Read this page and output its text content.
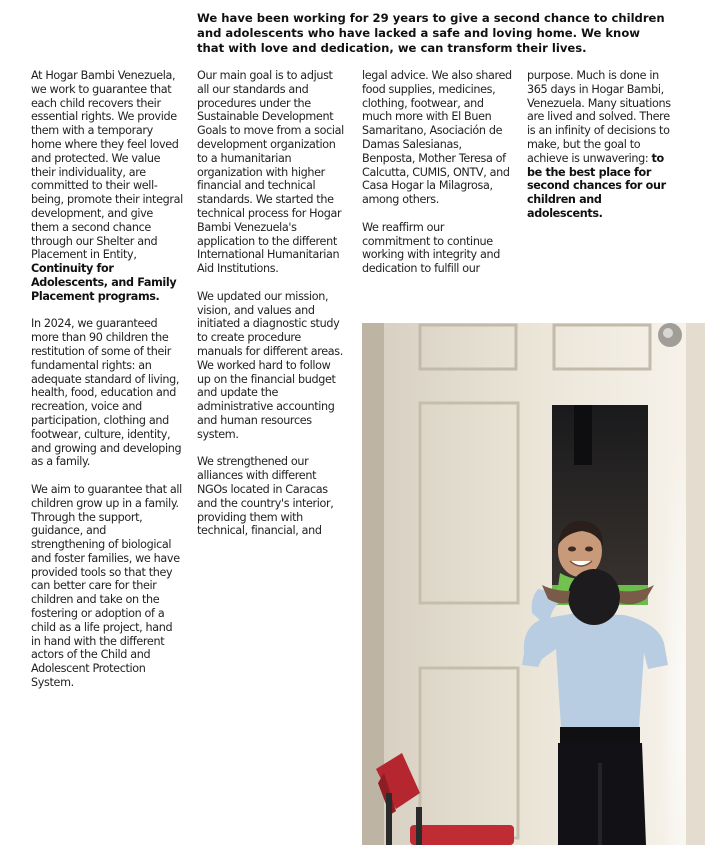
We have been working for 29 years to give a second chance to children and adolescents who have lacked a safe and loving home. We know that with love and dedication, we can transform their lives.

At Hogar Bambi Venezuela, we work to guarantee that each child recovers their essential rights. We provide them with a temporary home where they feel loved and protected. We value their individuality, are committed to their well-being, promote their integral development, and give them a second chance through our Shelter and Placement in Entity, Continuity for Adolescents, and Family Placement programs.

In 2024, we guaranteed more than 90 children the restitution of some of their fundamental rights: an adequate standard of living, health, food, education and recreation, voice and participation, clothing and footwear, culture, identity, and growing and developing as a family.

We aim to guarantee that all children grow up in a family. Through the support, guidance, and strengthening of biological and foster families, we have provided tools so that they can better care for their children and take on the fostering or adoption of a child as a life project, hand in hand with the different actors of the Child and Adolescent Protection System.

Our main goal is to adjust all our standards and procedures under the Sustainable Development Goals to move from a social development organization to a humanitarian organization with higher financial and technical standards. We started the technical process for Hogar Bambi Venezuela's application to the different International Humanitarian Aid Institutions.

We updated our mission, vision, and values and initiated a diagnostic study to create procedure manuals for different areas. We worked hard to follow up on the financial budget and update the administrative accounting and human resources system.

We strengthened our alliances with different NGOs located in Caracas and the country's interior, providing them with technical, financial, and

legal advice. We also shared food supplies, medicines, clothing, footwear, and much more with El Buen Samaritano, Asociación de Damas Salesianas, Benposta, Mother Teresa of Calcutta, CUMIS, ONTV, and Casa Hogar la Milagrosa, among others.

We reaffirm our commitment to continue working with integrity and dedication to fulfill our

purpose. Much is done in 365 days in Hogar Bambi, Venezuela. Many situations are lived and solved. There is an infinity of decisions to make, but the goal to achieve is unwavering: to be the best place for second chances for our children and adolescents.
